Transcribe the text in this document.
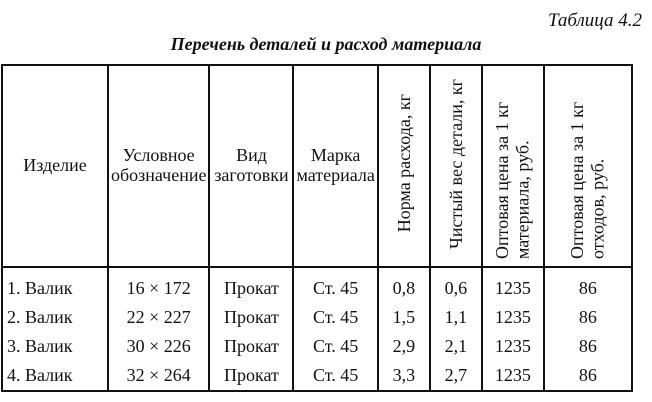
Таблица 4.2
Перечень деталей и расход материала
Изделие	Условное обозначение	Вид заготовки	Марка материала	Норма расхода, кг	Чистый вес детали, кг	Оптовая цена за 1 кг материала, руб.	Оптовая цена за 1 кг отходов, руб.
1. Валик	16 × 172	Прокат	Ст. 45	0,8	0,6	1235	86
2. Валик	22 × 227	Прокат	Ст. 45	1,5	1,1	1235	86
3. Валик	30 × 226	Прокат	Ст. 45	2,9	2,1	1235	86
4. Валик	32 × 264	Прокат	Ст. 45	3,3	2,7	1235	86
